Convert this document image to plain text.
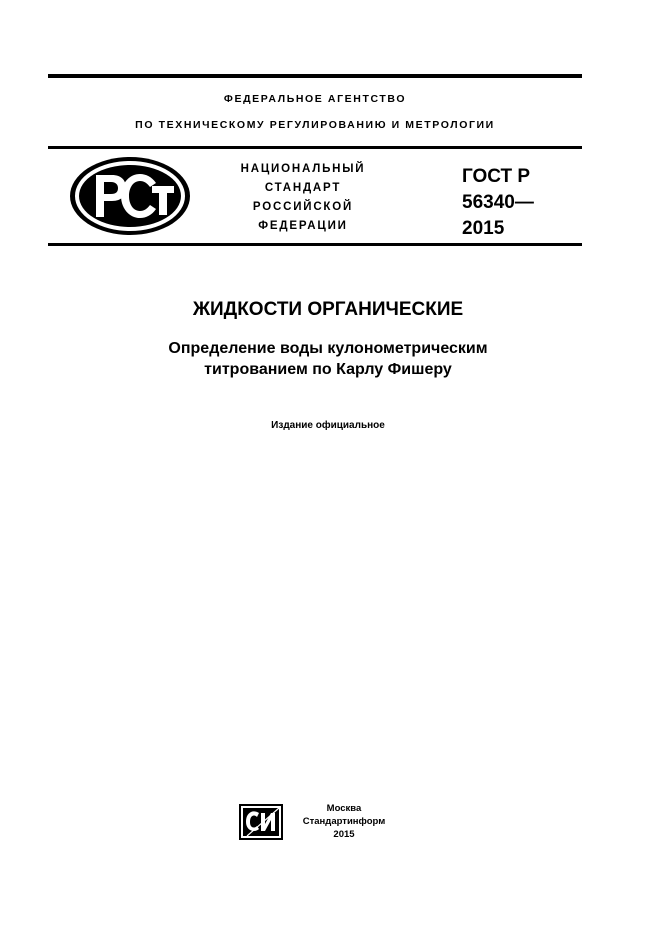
ФЕДЕРАЛЬНОЕ АГЕНТСТВО
ПО ТЕХНИЧЕСКОМУ РЕГУЛИРОВАНИЮ И МЕТРОЛОГИИ
НАЦИОНАЛЬНЫЙ
СТАНДАРТ
РОССИЙСКОЙ
ФЕДЕРАЦИИ
ГОСТ Р
56340—
2015
ЖИДКОСТИ ОРГАНИЧЕСКИЕ
Определение воды кулонометрическим
титрованием по Карлу Фишеру
Издание официальное
Москва
Стандартинформ
2015
